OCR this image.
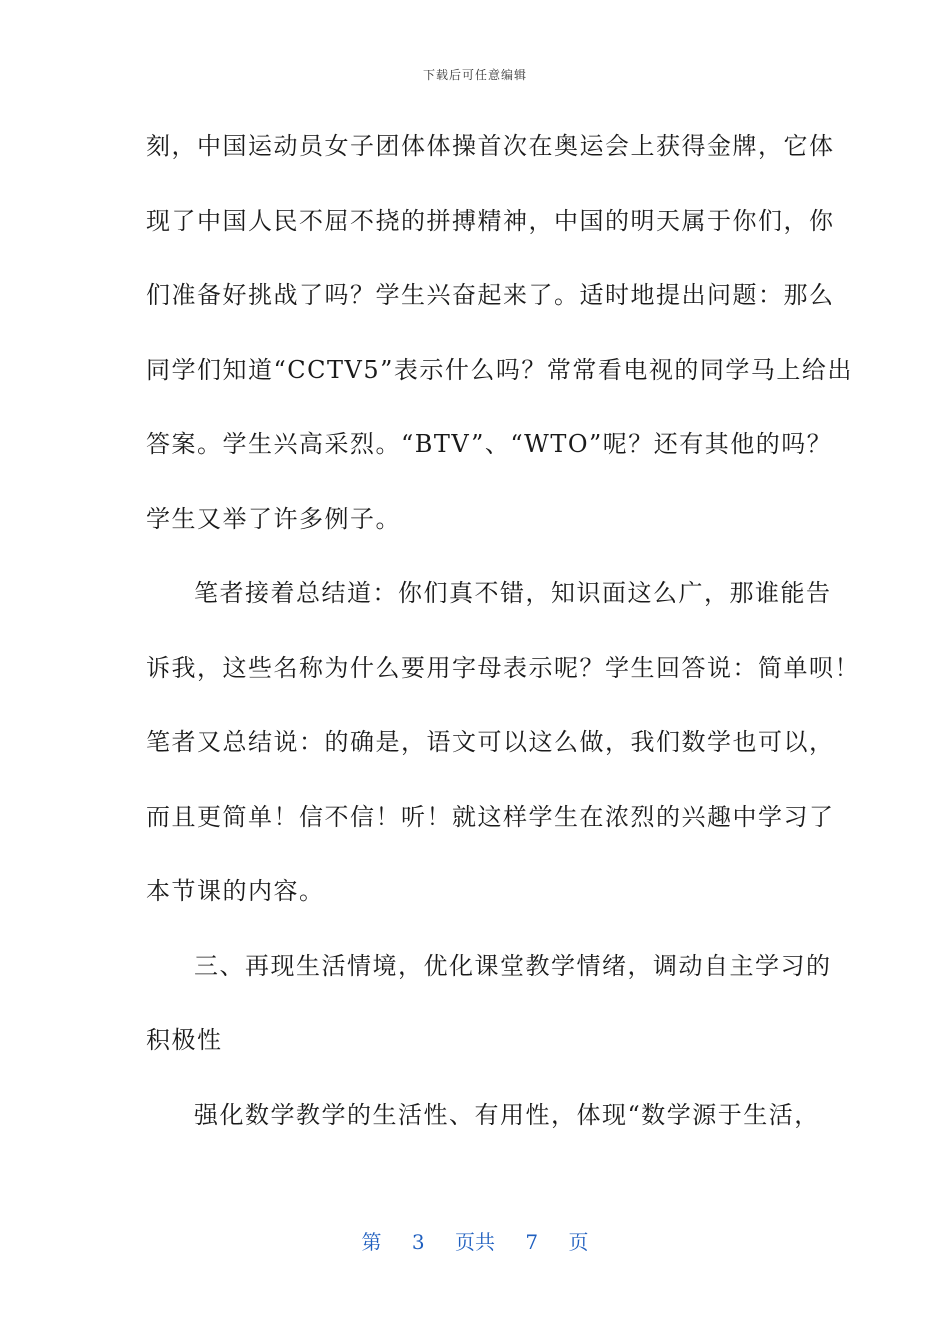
下载后可任意编辑
刻，中国运动员女子团体体操首次在奥运会上获得金牌，它体
现了中国人民不屈不挠的拼搏精神，中国的明天属于你们，你
们准备好挑战了吗？学生兴奋起来了。适时地提出问题：那么
同学们知道“CCTV5”表示什么吗？常常看电视的同学马上给出
答案。学生兴高采烈。“BTV”、“WTO”呢？还有其他的吗？
学生又举了许多例子。
笔者接着总结道：你们真不错，知识面这么广，那谁能告
诉我，这些名称为什么要用字母表示呢？学生回答说：简单呗！
笔者又总结说：的确是，语文可以这么做，我们数学也可以，
而且更简单！信不信！听！就这样学生在浓烈的兴趣中学习了
本节课的内容。
三、再现生活情境，优化课堂教学情绪，调动自主学习的
积极性
强化数学教学的生活性、有用性，体现“数学源于生活，
第 3 页共 7 页
